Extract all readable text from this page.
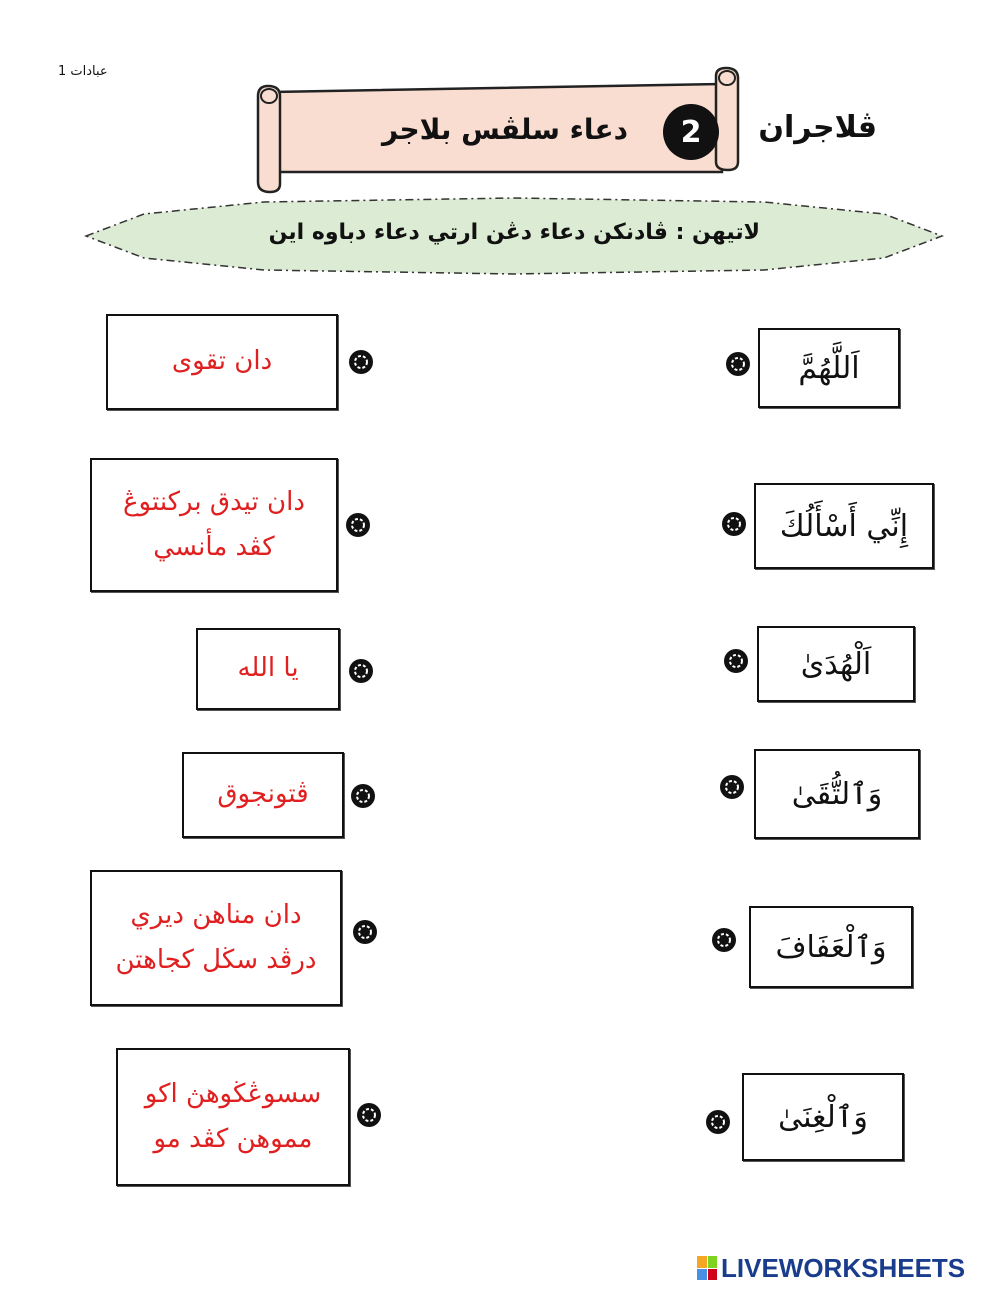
عبادات 1
دعاء سلڤس بلاجر	2	ڤلاجران
لاتيهن : ڤادنكن دعاء دڠن ارتي دعاء دباوه اين
اَللَّهُمَّ
إِنِّي أَسْأَلُكَ
اَلْهُدَىٰ
وَٱلتُّقَىٰ
وَٱلْعَفَافَ
وَٱلْغِنَىٰ
دان تقوى
دان تيدق بركنتوڠ
كڤد مأنسي
يا الله
ڤتونجوق
دان مناهن ديري
درڤد سڬل كجاهتن
سسوڠڬوهڽ اكو
مموهن كڤد مو
LIVEWORKSHEETS
